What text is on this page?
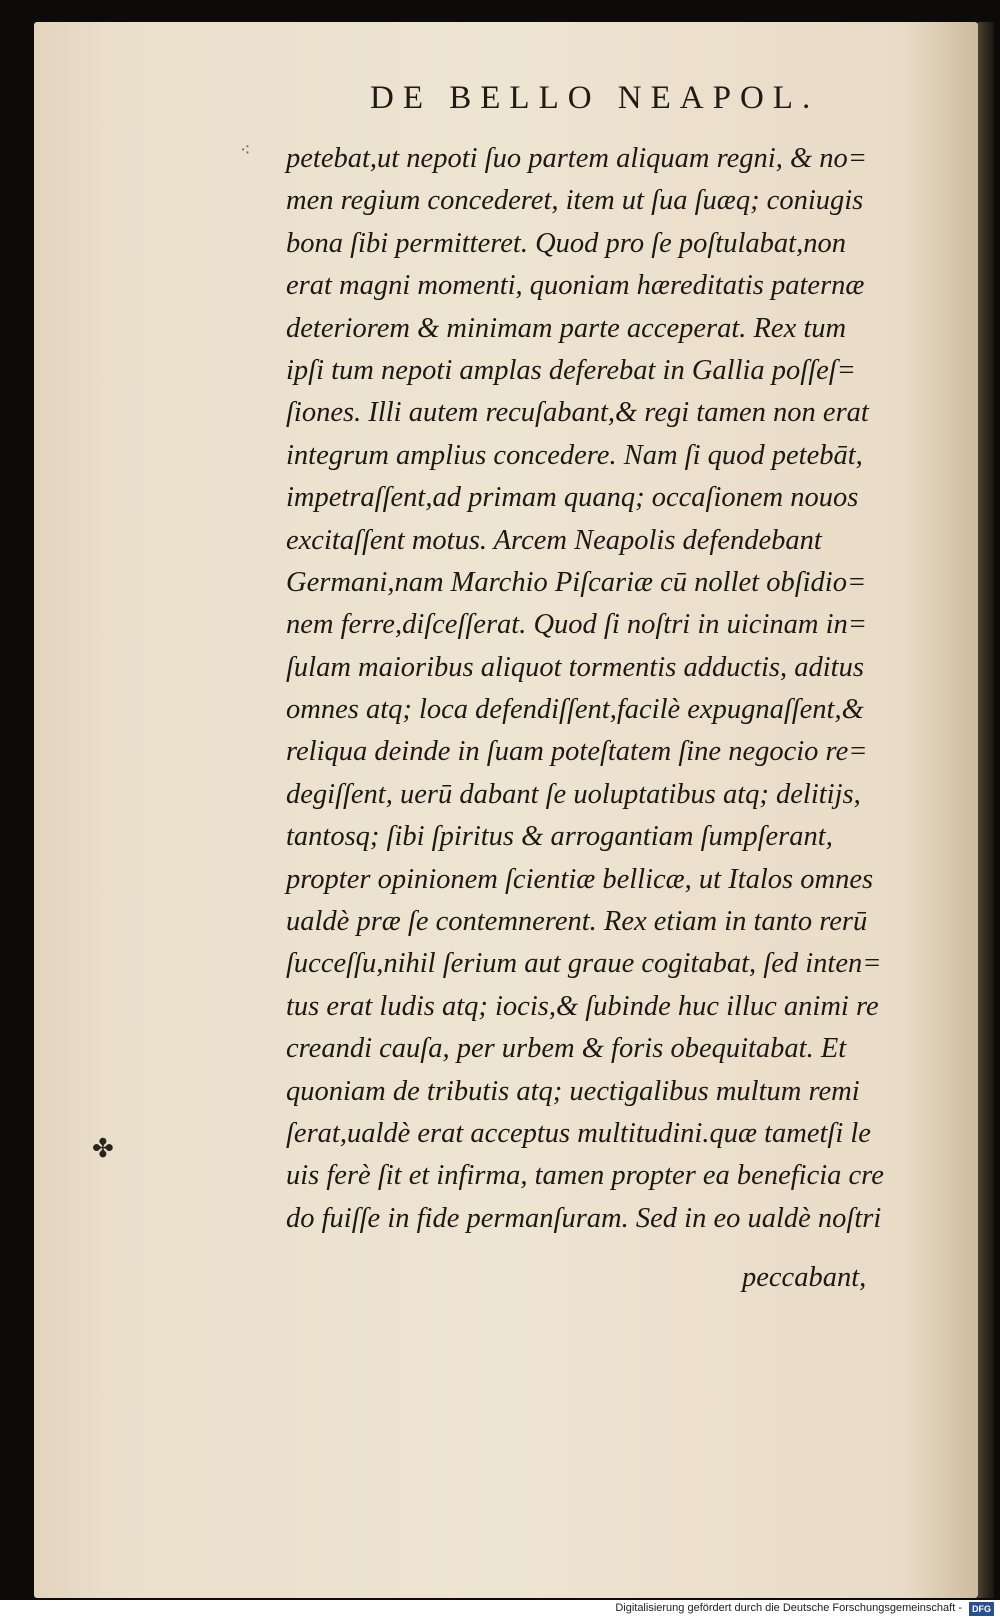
DE BELLO NEAPOL.
⁖ petebat,ut nepoti ſuo partem aliquam regni, & no=
men regium concederet, item ut ſua ſuæq; coniugis
bona ſibi permitteret. Quod pro ſe poſtulabat,non
erat magni momenti, quoniam hæreditatis paternæ
deteriorem & minimam parte acceperat. Rex tum
ipſi tum nepoti amplas deferebat in Gallia poſſeſ=
ſiones. Illi autem recuſabant,& regi tamen non erat
integrum amplius concedere. Nam ſi quod petebāt,
impetraſſent,ad primam quanq; occaſionem nouos
excitaſſent motus. Arcem Neapolis defendebant
Germani,nam Marchio Piſcariæ cū nollet obſidio=
nem ferre,diſceſſerat. Quod ſi noſtri in uicinam in=
ſulam maioribus aliquot tormentis adductis, aditus
omnes atq; loca defendiſſent,facilè expugnaſſent,&
reliqua deinde in ſuam poteſtatem ſine negocio re=
degiſſent, uerū dabant ſe uoluptatibus atq; delitijs,
tantosq; ſibi ſpiritus & arrogantiam ſumpſerant,
propter opinionem ſcientiæ bellicæ, ut Italos omnes
ualdè præ ſe contemnerent. Rex etiam in tanto rerū
ſucceſſu,nihil ſerium aut graue cogitabat, ſed inten=
tus erat ludis atq; iocis,& ſubinde huc illuc animi re
creandi cauſa, per urbem & foris obequitabat. Et
quoniam de tributis atq; uectigalibus multum remi
ſerat,ualdè erat acceptus multitudini.quæ tametſi le
uis ferè ſit et infirma, tamen propter ea beneficia cre
do fuiſſe in fide permanſuram. Sed in eo ualdè noſtri
peccabant,
✤
Digitalisierung gefördert durch die Deutsche Forschungsgemeinschaft -	DFG
